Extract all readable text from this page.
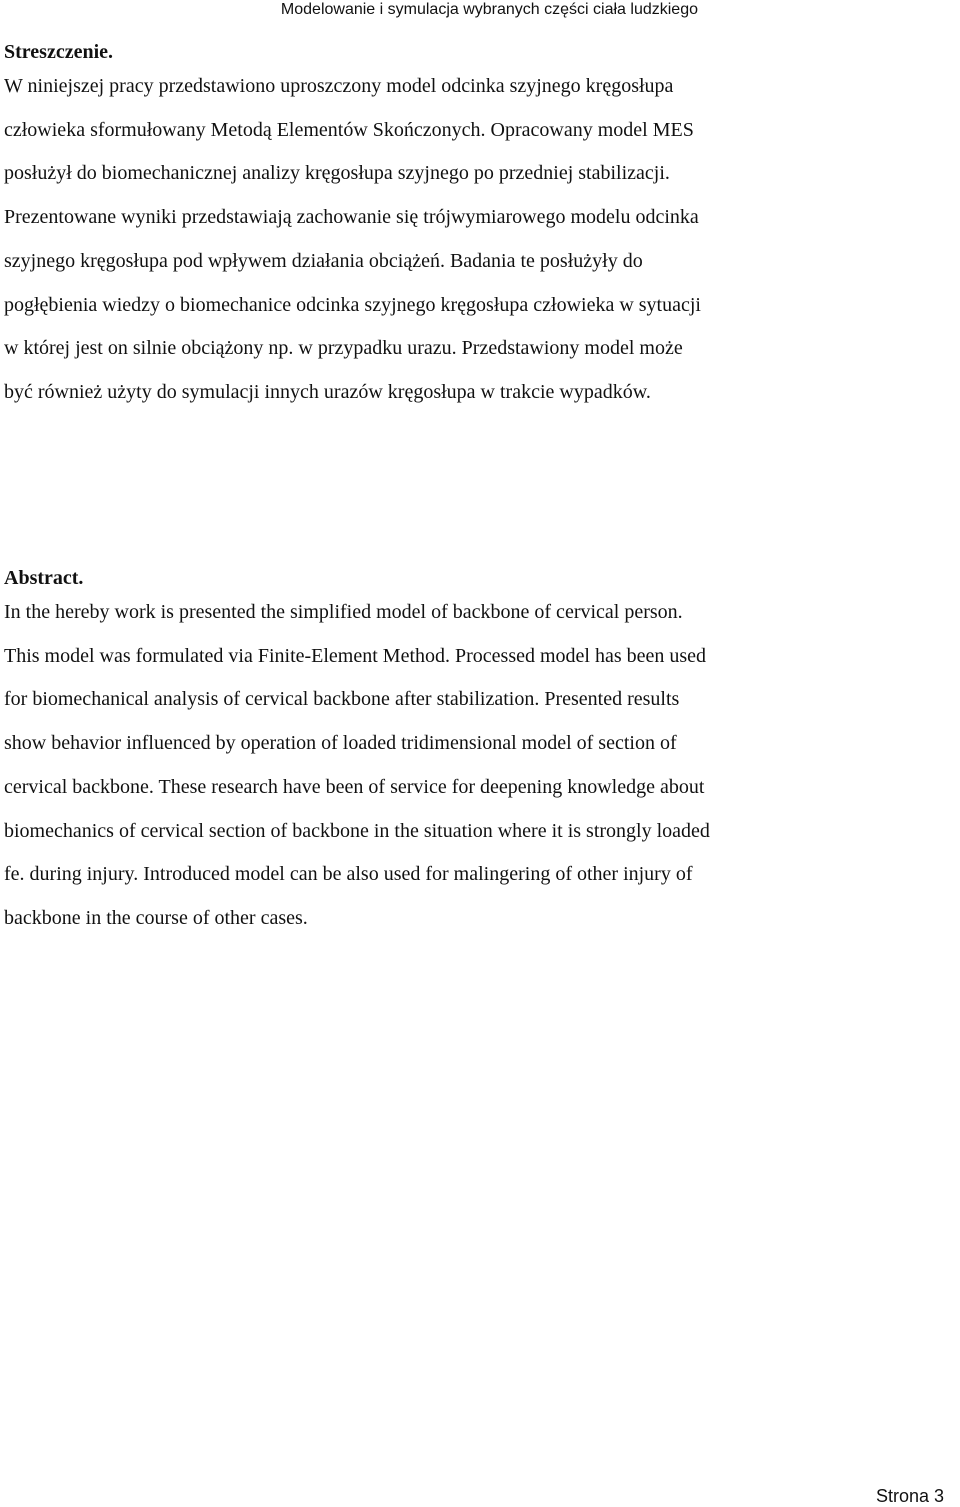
Modelowanie i symulacja wybranych części ciała ludzkiego

Streszczenie.

W niniejszej pracy przedstawiono uproszczony model odcinka szyjnego kręgosłupa
człowieka sformułowany Metodą Elementów Skończonych. Opracowany model MES
posłużył do biomechanicznej analizy kręgosłupa szyjnego po przedniej stabilizacji.
Prezentowane wyniki przedstawiają zachowanie się trójwymiarowego modelu odcinka
szyjnego kręgosłupa pod wpływem działania obciążeń. Badania te posłużyły do
pogłębienia wiedzy o biomechanice odcinka szyjnego kręgosłupa człowieka w sytuacji
w której jest on silnie obciążony np. w przypadku urazu. Przedstawiony model może
być również użyty do symulacji innych urazów kręgosłupa w trakcie wypadków.

Abstract.

In the hereby work is presented the simplified model of backbone of cervical person.
This model was formulated via Finite-Element Method. Processed model has been used
for biomechanical analysis of cervical backbone after stabilization. Presented results
show behavior influenced by operation of loaded tridimensional model of section of
cervical backbone. These research have been of service for deepening knowledge about
biomechanics of cervical section of backbone in the situation where it is strongly loaded
fe. during injury. Introduced model can be also used for malingering of other injury of
backbone in the course of other cases.

Strona 3
